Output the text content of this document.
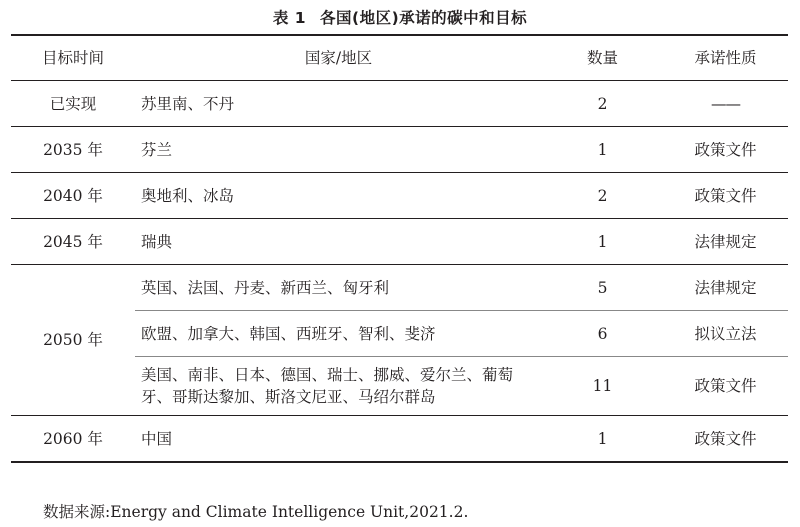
表 1 各国(地区)承诺的碳中和目标
目标时间	国家/地区	数量	承诺性质
已实现	苏里南、不丹	2	——
2035 年	芬兰	1	政策文件
2040 年	奥地利、冰岛	2	政策文件
2045 年	瑞典	1	法律规定
2050 年	英国、法国、丹麦、新西兰、匈牙利	5	法律规定
	欧盟、加拿大、韩国、西班牙、智利、斐济	6	拟议立法
	美国、南非、日本、德国、瑞士、挪威、爱尔兰、葡萄牙、哥斯达黎加、斯洛文尼亚、马绍尔群岛	11	政策文件
2060 年	中国	1	政策文件
数据来源:Energy and Climate Intelligence Unit,2021.2.
